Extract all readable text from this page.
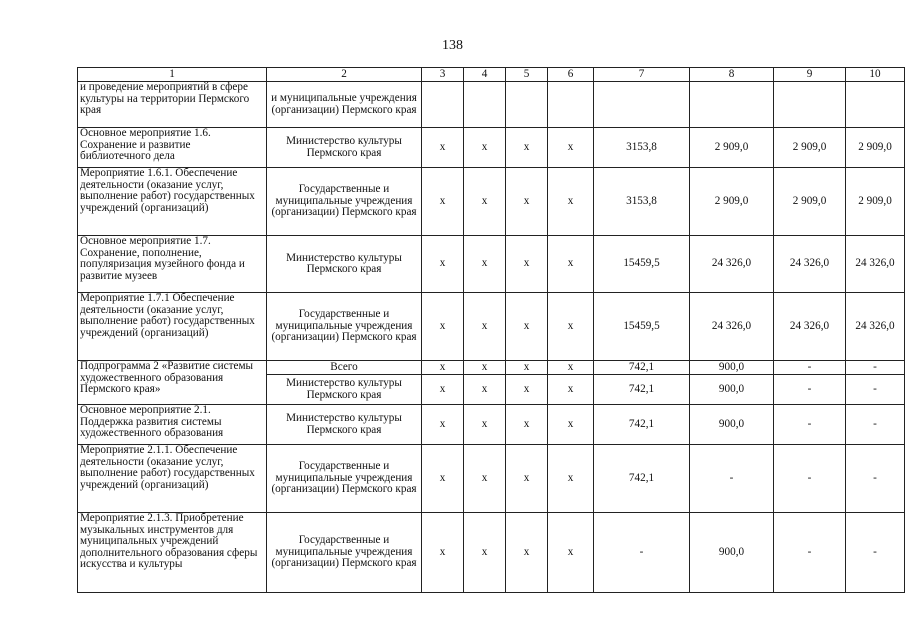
138
1	2	3	4	5	6	7	8	9	10
и проведение мероприятий в сфере культуры на территории Пермского края	и муниципальные учреждения (организации) Пермского края								
Основное мероприятие 1.6. Сохранение и развитие библиотечного дела	Министерство культуры Пермского края	х	х	х	х	3153,8	2 909,0	2 909,0	2 909,0
Мероприятие 1.6.1. Обеспечение деятельности (оказание услуг, выполнение работ) государственных учреждений (организаций)	Государственные и муниципальные учреждения (организации) Пермского края	х	х	х	х	3153,8	2 909,0	2 909,0	2 909,0
Основное мероприятие 1.7. Сохранение, пополнение, популяризация музейного фонда и развитие музеев	Министерство культуры Пермского края	х	х	х	х	15459,5	24 326,0	24 326,0	24 326,0
Мероприятие 1.7.1 Обеспечение деятельности (оказание услуг, выполнение работ) государственных учреждений (организаций)	Государственные и муниципальные учреждения (организации) Пермского края	х	х	х	х	15459,5	24 326,0	24 326,0	24 326,0
Подпрограмма 2 «Развитие системы художественного образования Пермского края»	Всего	х	х	х	х	742,1	900,0	-	-
	Министерство культуры Пермского края	х	х	х	х	742,1	900,0	-	-
Основное мероприятие 2.1. Поддержка развития системы художественного образования	Министерство культуры Пермского края	х	х	х	х	742,1	900,0	-	-
Мероприятие 2.1.1. Обеспечение деятельности (оказание услуг, выполнение работ) государственных учреждений (организаций)	Государственные и муниципальные учреждения (организации) Пермского края	х	х	х	х	742,1	-	-	-
Мероприятие 2.1.3. Приобретение музыкальных инструментов для муниципальных учреждений дополнительного образования сферы искусства и культуры	Государственные и муниципальные учреждения (организации) Пермского края	х	х	х	х	-	900,0	-	-
